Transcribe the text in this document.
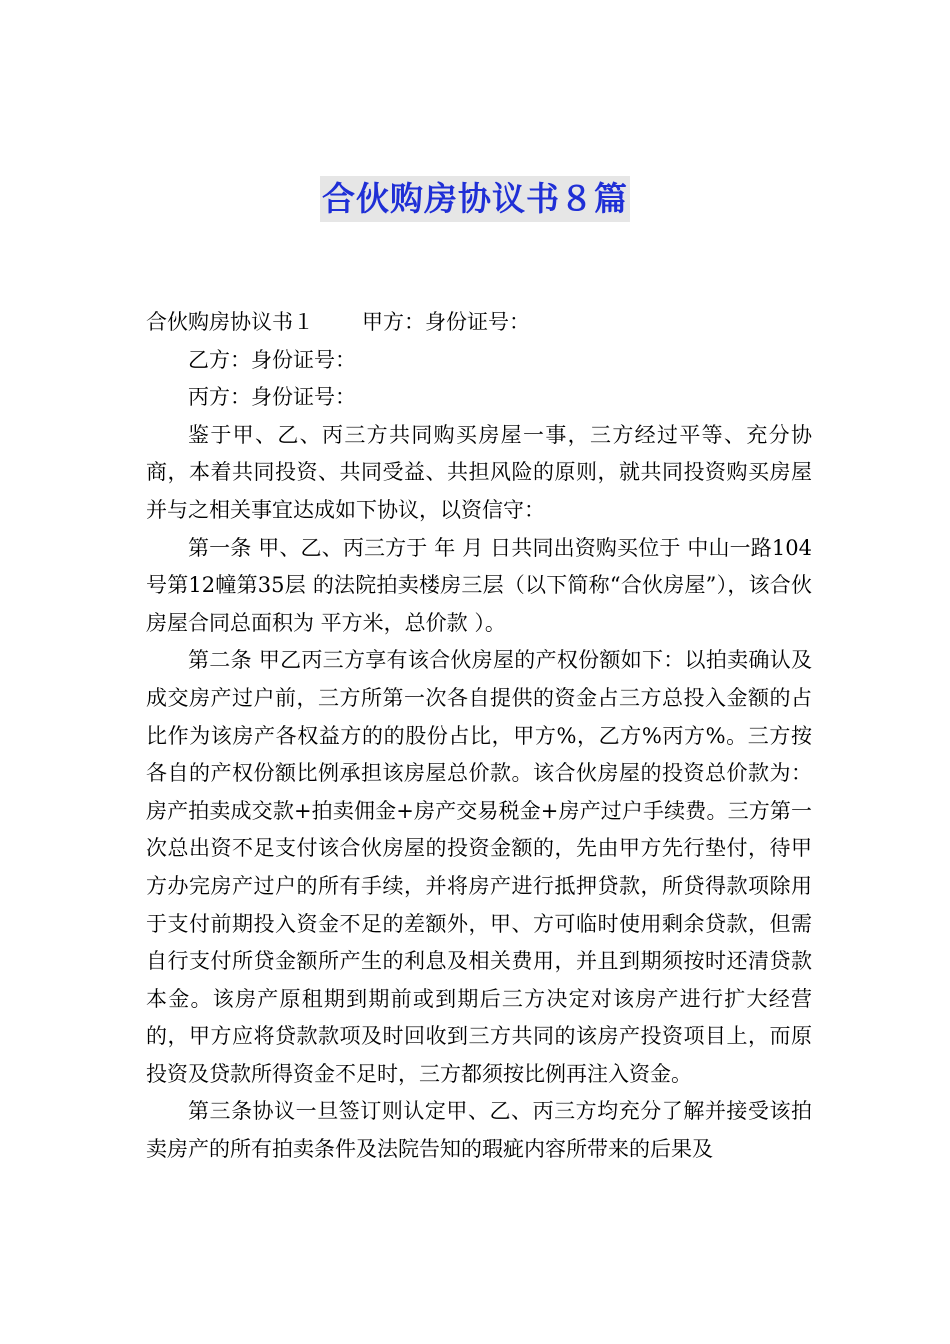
合伙购房协议书８篇

合伙购房协议书１ 甲方：身份证号：

乙方：身份证号：

丙方：身份证号：

鉴于甲、乙、丙三方共同购买房屋一事，三方经过平等、充分协商，本着共同投资、共同受益、共担风险的原则，就共同投资购买房屋并与之相关事宜达成如下协议，以资信守：

第一条 甲、乙、丙三方于 年 月 日共同出资购买位于 中山一路104号第12幢第35层 的法院拍卖楼房三层（以下简称“合伙房屋”），该合伙房屋合同总面积为 平方米，总价款 ）。

第二条 甲乙丙三方享有该合伙房屋的产权份额如下：以拍卖确认及成交房产过户前，三方所第一次各自提供的资金占三方总投入金额的占比作为该房产各权益方的的股份占比，甲方%，乙方%丙方%。三方按各自的产权份额比例承担该房屋总价款。该合伙房屋的投资总价款为：房产拍卖成交款+拍卖佣金+房产交易税金+房产过户手续费。三方第一次总出资不足支付该合伙房屋的投资金额的，先由甲方先行垫付，待甲方办完房产过户的所有手续，并将房产进行抵押贷款，所贷得款项除用于支付前期投入资金不足的差额外，甲、方可临时使用剩余贷款，但需自行支付所贷金额所产生的利息及相关费用，并且到期须按时还清贷款本金。该房产原租期到期前或到期后三方决定对该房产进行扩大经营的，甲方应将贷款款项及时回收到三方共同的该房产投资项目上，而原投资及贷款所得资金不足时，三方都须按比例再注入资金。

第三条协议一旦签订则认定甲、乙、丙三方均充分了解并接受该拍卖房产的所有拍卖条件及法院告知的瑕疵内容所带来的后果及
